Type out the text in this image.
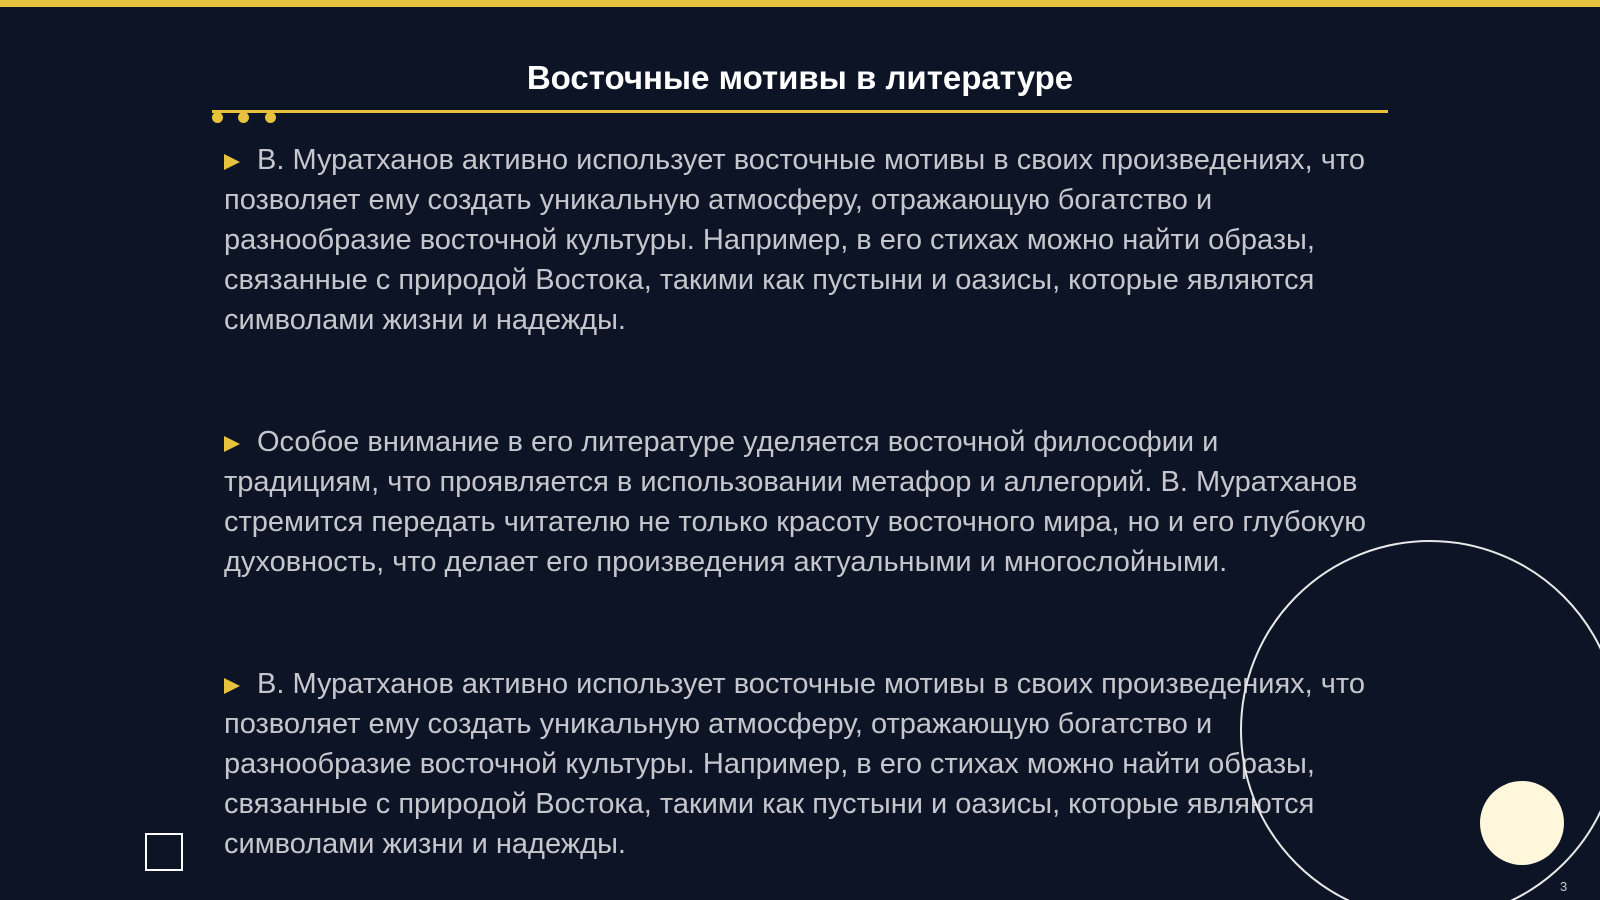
Восточные мотивы в литературе
В. Муратханов активно использует восточные мотивы в своих произведениях, что позволяет ему создать уникальную атмосферу, отражающую богатство и разнообразие восточной культуры. Например, в его стихах можно найти образы, связанные с природой Востока, такими как пустыни и оазисы, которые являются символами жизни и надежды.
Особое внимание в его литературе уделяется восточной философии и традициям, что проявляется в использовании метафор и аллегорий. В. Муратханов стремится передать читателю не только красоту восточного мира, но и его глубокую духовность, что делает его произведения актуальными и многослойными.
В. Муратханов активно использует восточные мотивы в своих произведениях, что позволяет ему создать уникальную атмосферу, отражающую богатство и разнообразие восточной культуры. Например, в его стихах можно найти образы, связанные с природой Востока, такими как пустыни и оазисы, которые являются символами жизни и надежды.
3
